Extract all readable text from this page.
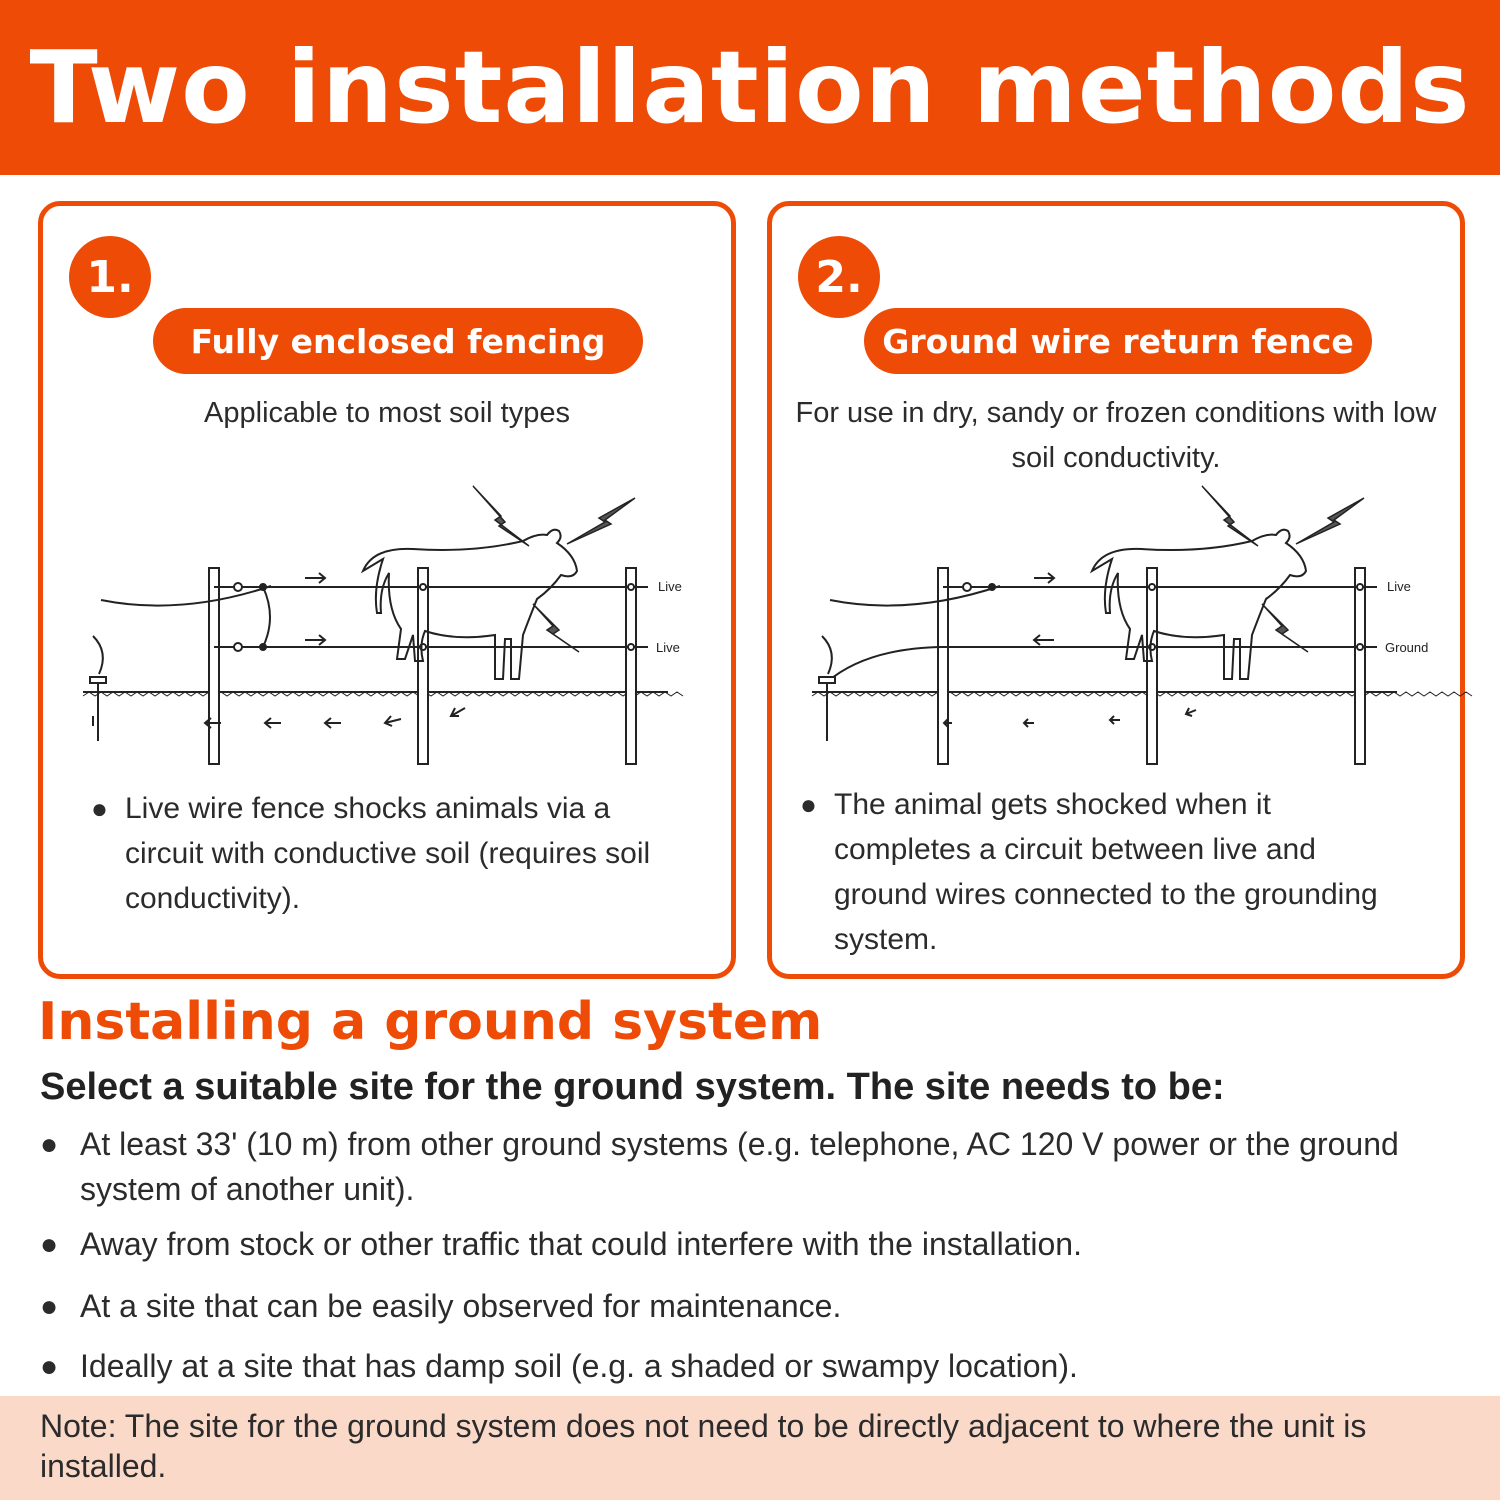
Two installation methods
1.
Fully enclosed fencing
Applicable to most soil types
Live
Live
● Live wire fence shocks animals via a circuit with conductive soil (requires soil conductivity).
2.
Ground wire return fence
For use in dry, sandy or frozen conditions with low soil conductivity.
Live
Ground
● The animal gets shocked when it completes a circuit between live and ground wires connected to the grounding system.
Installing a ground system

Select a suitable site for the ground system. The site needs to be:

● At least 33' (10 m) from other ground systems (e.g. telephone, AC 120 V power or the ground system of another unit).
● Away from stock or other traffic that could interfere with the installation.
● At a site that can be easily observed for maintenance.
● Ideally at a site that has damp soil (e.g. a shaded or swampy location).
Note: The site for the ground system does not need to be directly adjacent to where the unit is installed.
